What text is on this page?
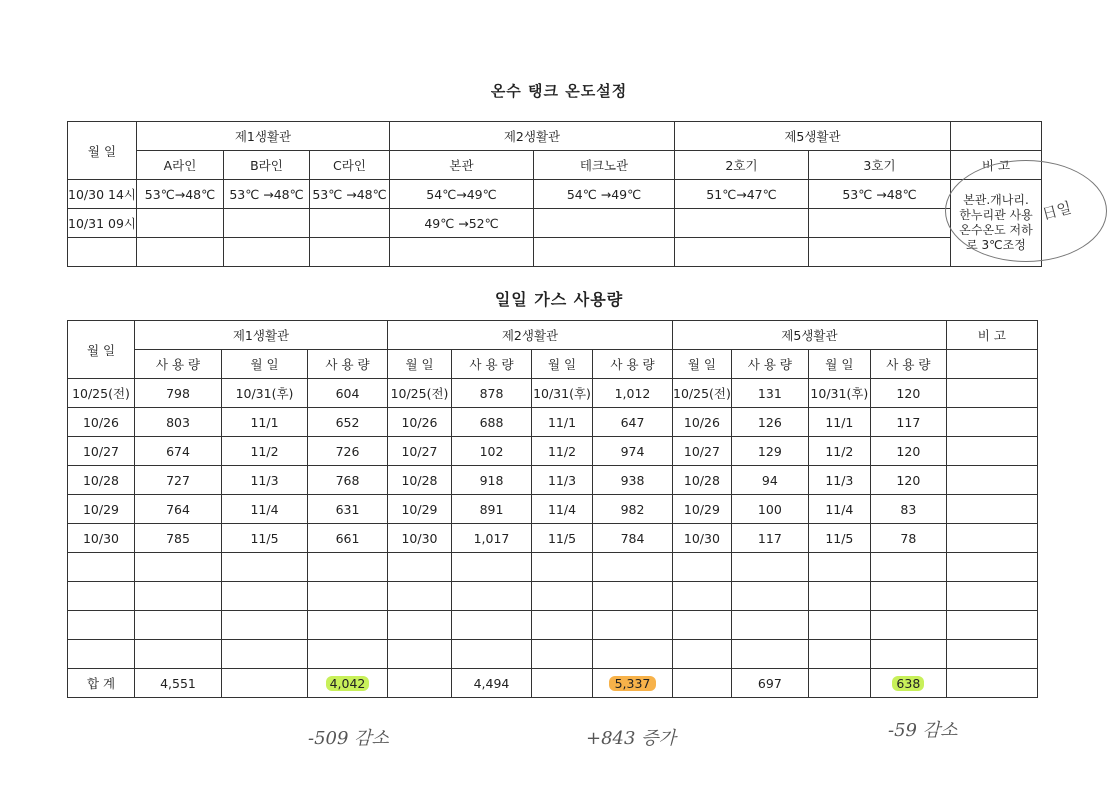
온수 탱크 온도설정
월 일	제1생활관			제2생활관		제5생활관		
	A라인	B라인	C라인	본관	테크노관	2호기	3호기	비 고
10/30 14시	53℃→48℃	53℃ →48℃	53℃ →48℃	54℃→49℃	54℃ →49℃	51℃→47℃	53℃ →48℃	본관.개나리.
한누리관 사용
온수온도 저하
로 3℃조정
10/31 09시				49℃ →52℃				

일일 가스 사용량
월 일	제1생활관			제2생활관				제5생활관				비 고
	사 용 량	월 일	사 용 량	월 일	사 용 량	월 일	사 용 량	월 일	사 용 량	월 일	사 용 량	
10/25(전)	798	10/31(후)	604	10/25(전)	878	10/31(후)	1,012	10/25(전)	131	10/31(후)	120	
10/26	803	11/1	652	10/26	688	11/1	647	10/26	126	11/1	117	
10/27	674	11/2	726	10/27	102	11/2	974	10/27	129	11/2	120	
10/28	727	11/3	768	10/28	918	11/3	938	10/28	94	11/3	120	
10/29	764	11/4	631	10/29	891	11/4	982	10/29	100	11/4	83	
10/30	785	11/5	661	10/30	1,017	11/5	784	10/30	117	11/5	78	

합 계	4,551		4,042		4,494		5,337		697		638	
-509 감소	+843 증가	-59 감소
日일
